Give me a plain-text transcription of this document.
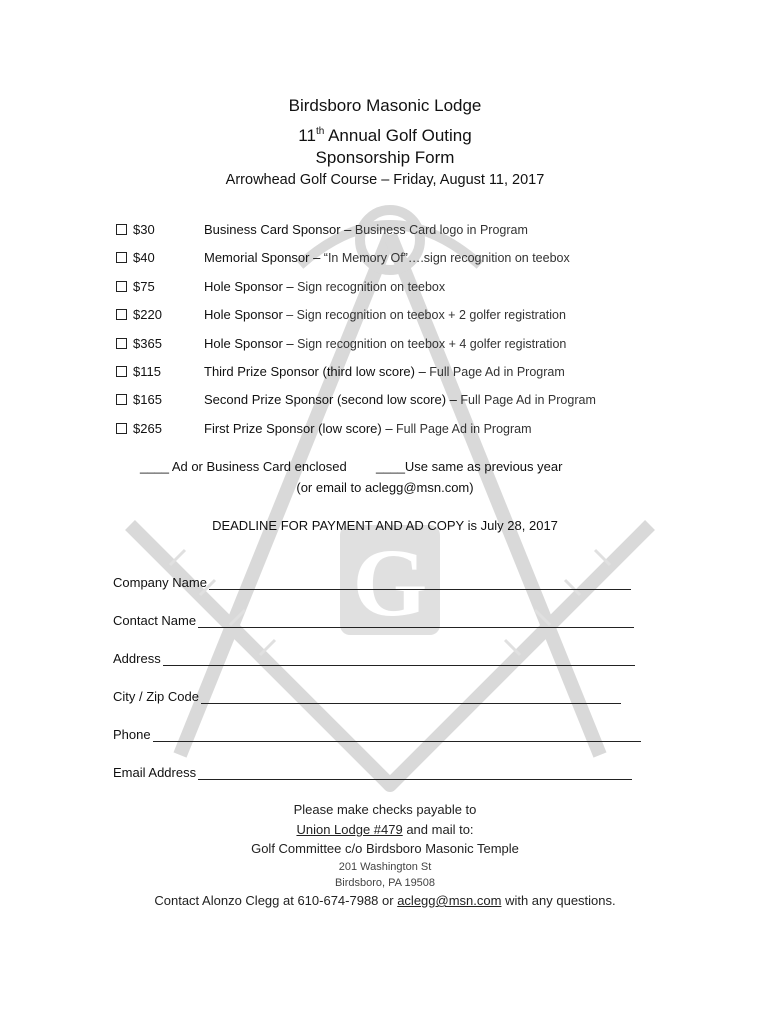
G
Birdsboro Masonic Lodge
11th Annual Golf Outing
Sponsorship Form
Arrowhead Golf Course – Friday, August 11, 2017
$30	Business Card Sponsor – Business Card logo in Program
$40	Memorial Sponsor – “In Memory Of”….sign recognition on teebox
$75	Hole Sponsor – Sign recognition on teebox
$220	Hole Sponsor – Sign recognition on teebox + 2 golfer registration
$365	Hole Sponsor – Sign recognition on teebox + 4 golfer registration
$115	Third Prize Sponsor (third low score) – Full Page Ad in Program
$165	Second Prize Sponsor (second low score) – Full Page Ad in Program
$265	First Prize Sponsor (low score) – Full Page Ad in Program
____ Ad or Business Card enclosed ____Use same as previous year
(or email to aclegg@msn.com)
DEADLINE FOR PAYMENT AND AD COPY is July 28, 2017
Company Name
Contact Name
Address
City / Zip Code
Phone
Email Address
Please make checks payable to
Union Lodge #479 and mail to:
Golf Committee c/o Birdsboro Masonic Temple
201 Washington St
Birdsboro, PA 19508
Contact Alonzo Clegg at 610-674-7988 or aclegg@msn.com with any questions.
